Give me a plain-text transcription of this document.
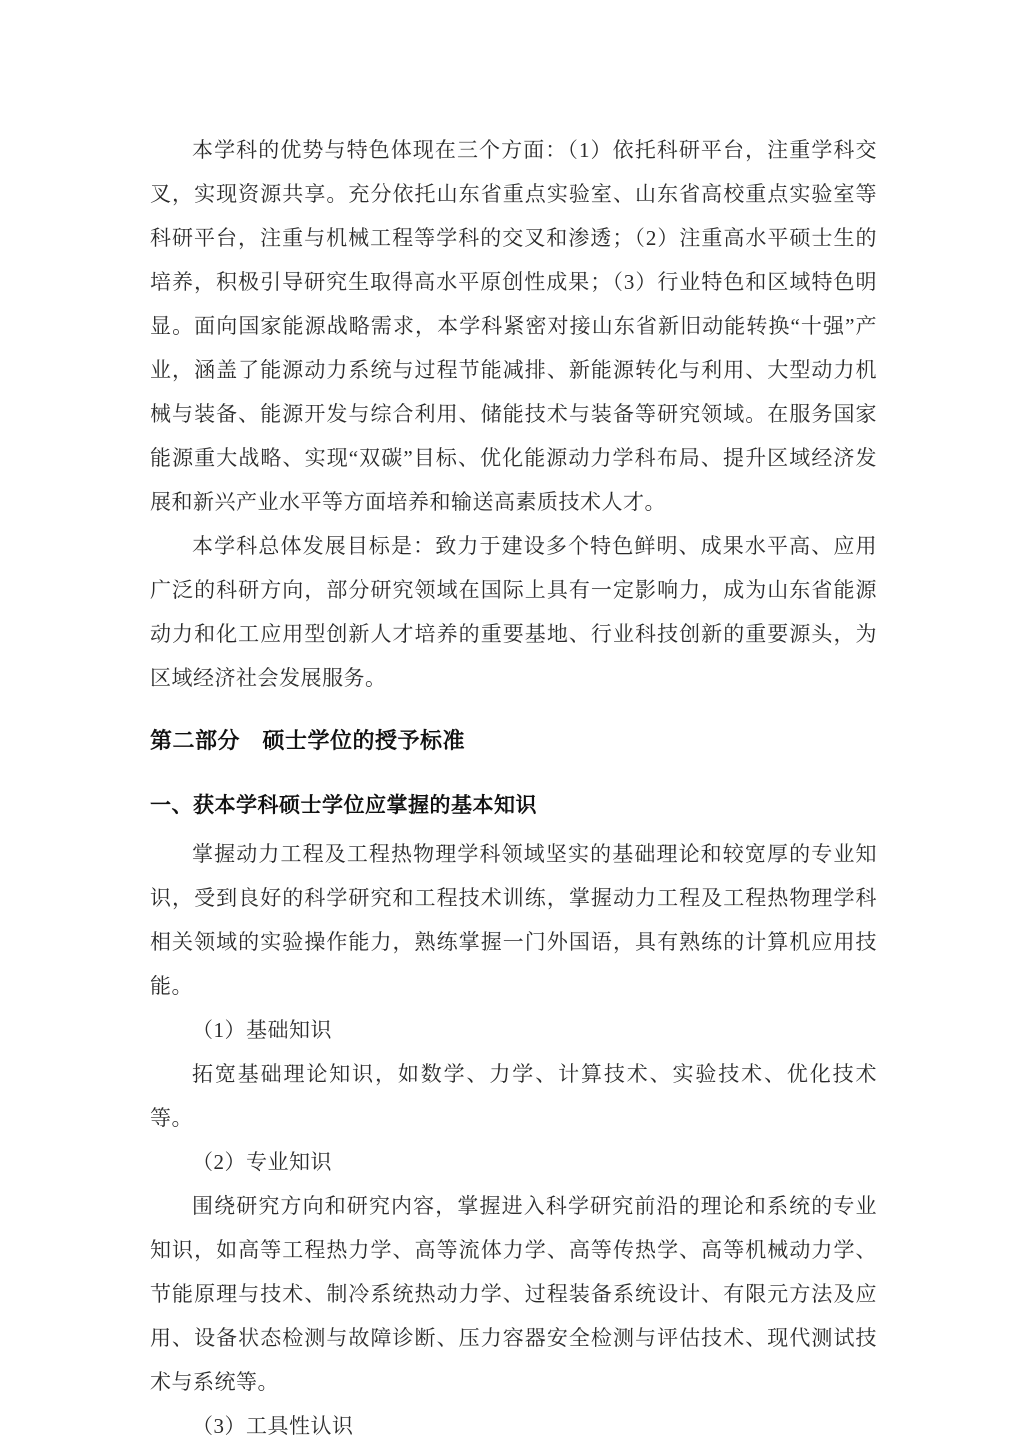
本学科的优势与特色体现在三个方面：（1）依托科研平台，注重学科交叉，实现资源共享。充分依托山东省重点实验室、山东省高校重点实验室等科研平台，注重与机械工程等学科的交叉和渗透；（2）注重高水平硕士生的培养，积极引导研究生取得高水平原创性成果；（3）行业特色和区域特色明显。面向国家能源战略需求，本学科紧密对接山东省新旧动能转换“十强”产业，涵盖了能源动力系统与过程节能减排、新能源转化与利用、大型动力机械与装备、能源开发与综合利用、储能技术与装备等研究领域。在服务国家能源重大战略、实现“双碳”目标、优化能源动力学科布局、提升区域经济发展和新兴产业水平等方面培养和输送高素质技术人才。

本学科总体发展目标是：致力于建设多个特色鲜明、成果水平高、应用广泛的科研方向，部分研究领域在国际上具有一定影响力，成为山东省能源动力和化工应用型创新人才培养的重要基地、行业科技创新的重要源头，为区域经济社会发展服务。

第二部分　硕士学位的授予标准
一、获本学科硕士学位应掌握的基本知识

掌握动力工程及工程热物理学科领域坚实的基础理论和较宽厚的专业知识，受到良好的科学研究和工程技术训练，掌握动力工程及工程热物理学科相关领域的实验操作能力，熟练掌握一门外国语，具有熟练的计算机应用技能。

（1）基础知识

拓宽基础理论知识，如数学、力学、计算技术、实验技术、优化技术等。

（2）专业知识

围绕研究方向和研究内容，掌握进入科学研究前沿的理论和系统的专业知识，如高等工程热力学、高等流体力学、高等传热学、高等机械动力学、节能原理与技术、制冷系统热动力学、过程装备系统设计、有限元方法及应用、设备状态检测与故障诊断、压力容器安全检测与评估技术、现代测试技术与系统等。

（3）工具性认识
